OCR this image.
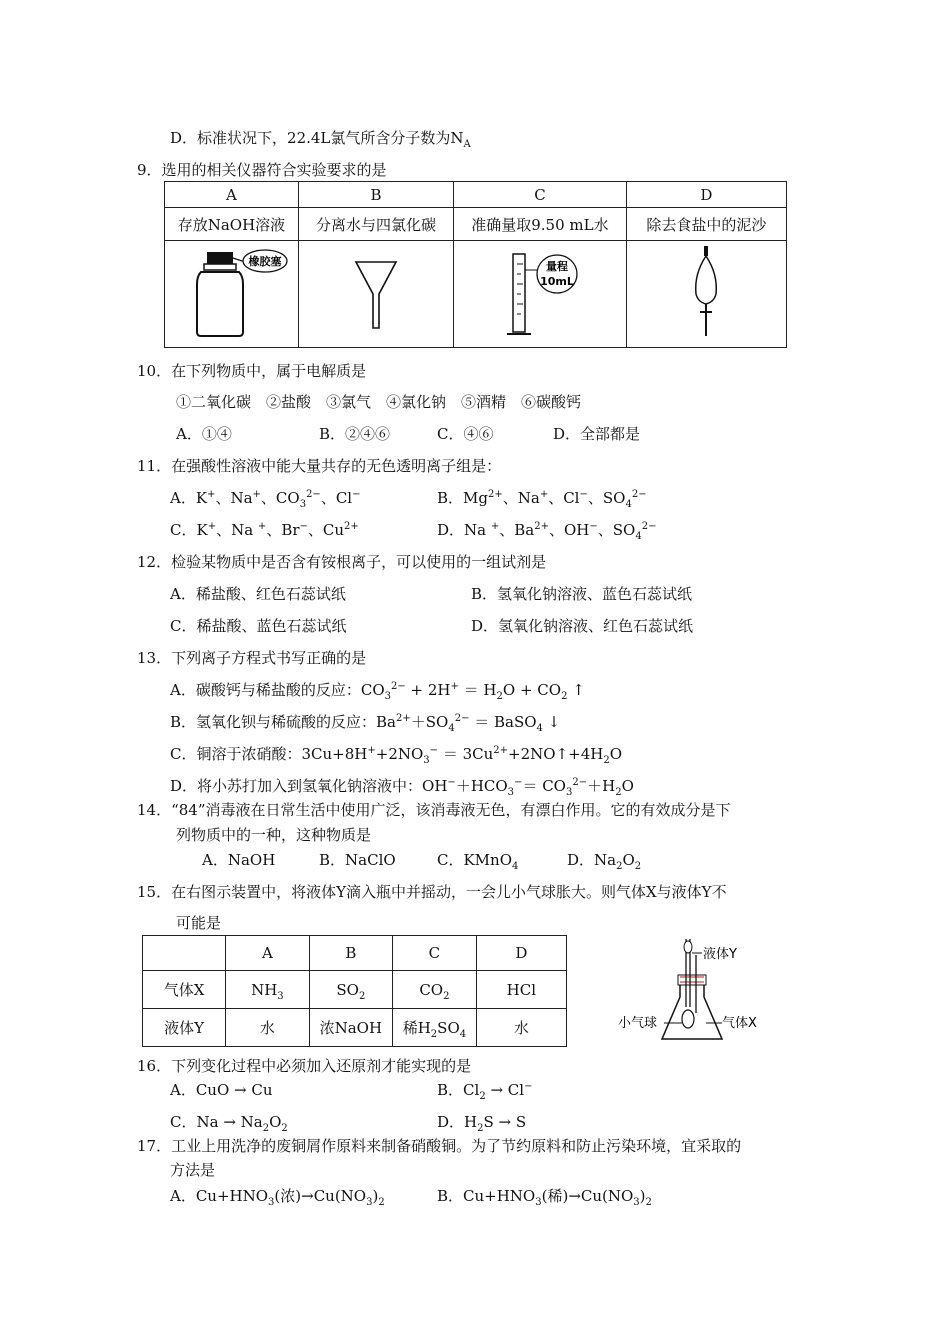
D．标准状况下，22.4L氯气所含分子数为$N_A$
9．选用的相关仪器符合实验要求的是
A	B	C	D
存放NaOH溶液	分离水与四氯化碳	准确量取9.50 mL水	除去食盐中的泥沙

橡胶塞		量程
10mL

10．在下列物质中，属于电解质是
①二氧化碳　②盐酸　③氯气　④氯化钠　⑤酒精　⑥碳酸钙
A．①④	B．②④⑥	C．④⑥	D．全部都是
11．在强酸性溶液中能大量共存的无色透明离子组是：
A．K+、Na+、$CO_3^{2-}$、Cl−	B．$Mg^{2+}$、Na+、Cl−、$SO_4^{2-}$
C．K+、Na +、Br−、$Cu^{2+}$	D．Na +、$Ba^{2+}$、OH−、$SO_4^{2-}$
12．检验某物质中是否含有铵根离子，可以使用的一组试剂是
A．稀盐酸、红色石蕊试纸	B．氢氧化钠溶液、蓝色石蕊试纸
C．稀盐酸、蓝色石蕊试纸	D．氢氧化钠溶液、红色石蕊试纸
13．下列离子方程式书写正确的是
A．碳酸钙与稀盐酸的反应：$CO_3^{2-} + 2H^+ = H_2O + CO_2$ ↑
B．氢氧化钡与稀硫酸的反应：$Ba^{2+}+SO_4^{2-}$ ＝ BaSO$_4$ ↓
C．铜溶于浓硝酸：$3Cu+8H^++2NO_3^-$ ＝ $3Cu^{2+}+2NO↑+4H_2O$
D．将小苏打加入到氢氧化钠溶液中：$OH^-+HCO_3^-= CO_3^{2-}+H_2O$
14．“84”消毒液在日常生活中使用广泛，该消毒液无色，有漂白作用。它的有效成分是下
列物质中的一种，这种物质是
A．NaOH	B．NaClO	C．KMnO$_4$	D．$Na_2O_2$
15．在右图示装置中，将液体Y滴入瓶中并摇动，一会儿小气球胀大。则气体X与液体Y不
可能是
	A	B	C	D
气体X	$NH_3$	$SO_2$	$CO_2$	HCl
液体Y	水	浓NaOH	稀$H_2SO_4$	水
液体Y
小气球	气体X
16．下列变化过程中必须加入还原剂才能实现的是
A．CuO → Cu	B．$Cl_2 \to Cl^-$
C．$Na \to Na_2O_2$	D．$H_2S \to S$
17．工业上用洗净的废铜屑作原料来制备硝酸铜。为了节约原料和防止污染环境，宜采取的
方法是
A．$Cu+HNO_3$(浓)$\to Cu(NO_3)_2$	B．$Cu+HNO_3$(稀)$\to Cu(NO_3)_2$
